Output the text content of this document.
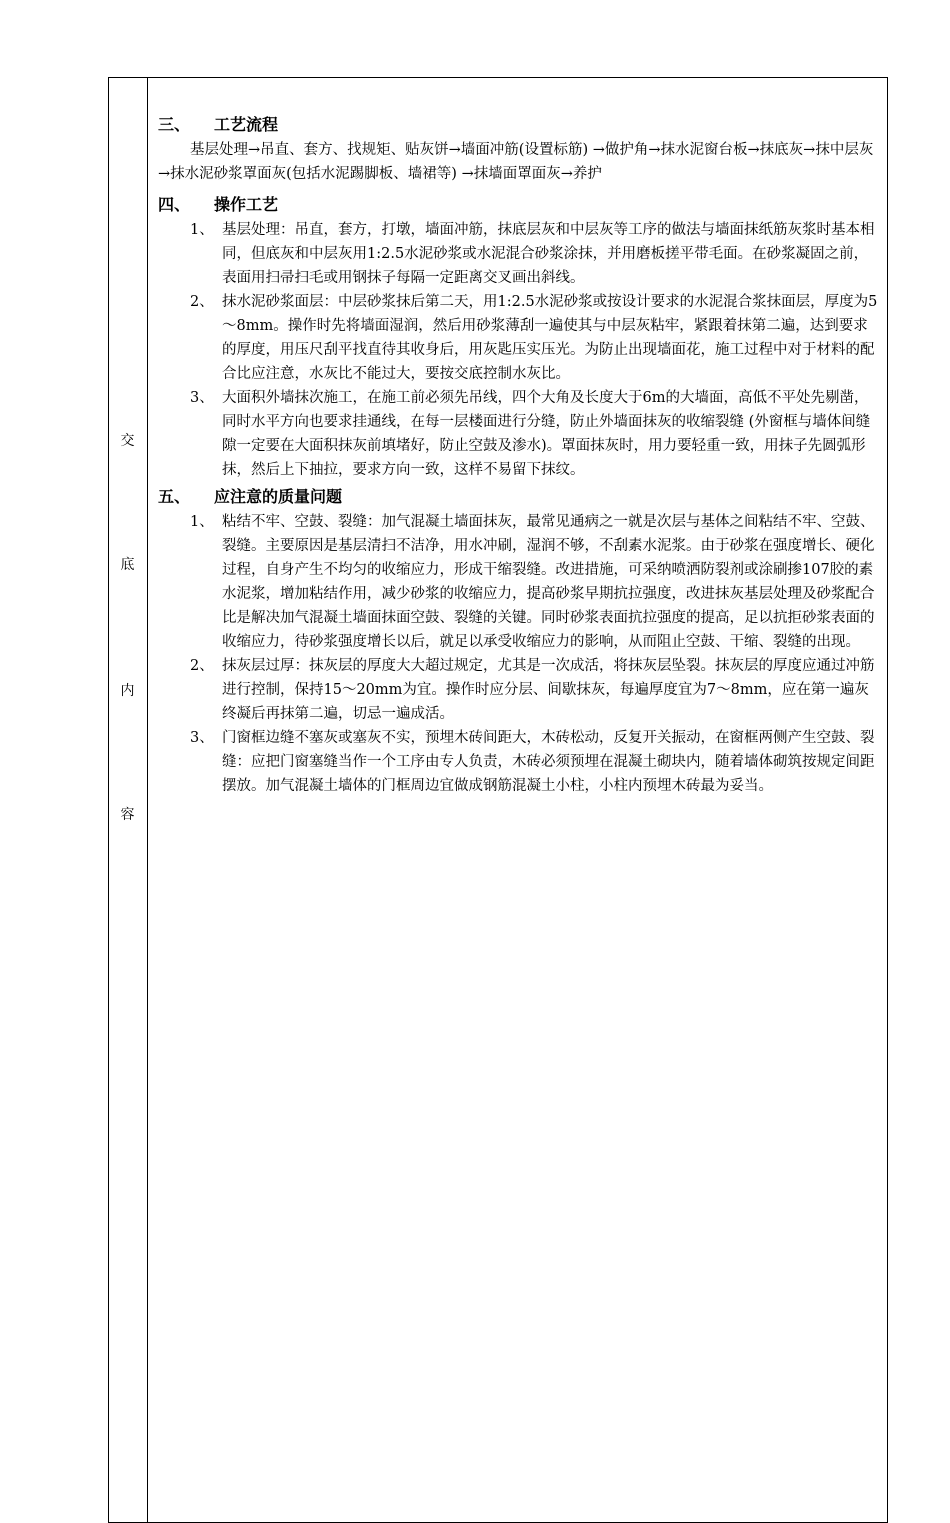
交
底
内
容
三、 工艺流程
基层处理→吊直、套方、找规矩、贴灰饼→墙面冲筋(设置标筋) →做护角→抹水泥窗台板→抹底灰→抹中层灰→抹水泥砂浆罩面灰(包括水泥踢脚板、墙裙等) →抹墙面罩面灰→养护
四、 操作工艺
1、 基层处理：吊直，套方，打墩，墙面冲筋，抹底层灰和中层灰等工序的做法与墙面抹纸筋灰浆时基本相同，但底灰和中层灰用1:2.5水泥砂浆或水泥混合砂浆涂抹，并用磨板搓平带毛面。在砂浆凝固之前，表面用扫帚扫毛或用钢抹子每隔一定距离交叉画出斜线。
2、 抹水泥砂浆面层：中层砂浆抹后第二天，用1:2.5水泥砂浆或按设计要求的水泥混合浆抹面层，厚度为5～8mm。操作时先将墙面湿润，然后用砂浆薄刮一遍使其与中层灰粘牢，紧跟着抹第二遍，达到要求的厚度，用压尺刮平找直待其收身后，用灰匙压实压光。为防止出现墙面花，施工过程中对于材料的配合比应注意，水灰比不能过大，要按交底控制水灰比。
3、 大面积外墙抹次施工，在施工前必须先吊线，四个大角及长度大于6m的大墙面，高低不平处先剔凿，同时水平方向也要求挂通线，在每一层楼面进行分缝，防止外墙面抹灰的收缩裂缝 (外窗框与墙体间缝隙一定要在大面积抹灰前填堵好，防止空鼓及渗水)。罩面抹灰时，用力要轻重一致，用抹子先圆弧形抹，然后上下抽拉，要求方向一致，这样不易留下抹纹。
五、 应注意的质量问题
1、 粘结不牢、空鼓、裂缝：加气混凝土墙面抹灰，最常见通病之一就是次层与基体之间粘结不牢、空鼓、裂缝。主要原因是基层清扫不洁净，用水冲刷，湿润不够，不刮素水泥浆。由于砂浆在强度增长、硬化过程，自身产生不均匀的收缩应力，形成干缩裂缝。改进措施，可采纳喷洒防裂剂或涂刷掺107胶的素水泥浆，增加粘结作用，减少砂浆的收缩应力，提高砂浆早期抗拉强度，改进抹灰基层处理及砂浆配合比是解决加气混凝土墙面抹面空鼓、裂缝的关键。同时砂浆表面抗拉强度的提高，足以抗拒砂浆表面的收缩应力，待砂浆强度增长以后，就足以承受收缩应力的影响，从而阻止空鼓、干缩、裂缝的出现。
2、 抹灰层过厚：抹灰层的厚度大大超过规定，尤其是一次成活，将抹灰层坠裂。抹灰层的厚度应通过冲筋进行控制，保持15～20mm为宜。操作时应分层、间歇抹灰，每遍厚度宜为7～8mm，应在第一遍灰终凝后再抹第二遍，切忌一遍成活。
3、 门窗框边缝不塞灰或塞灰不实，预埋木砖间距大，木砖松动，反复开关振动，在窗框两侧产生空鼓、裂缝：应把门窗塞缝当作一个工序由专人负责，木砖必须预埋在混凝土砌块内，随着墙体砌筑按规定间距摆放。加气混凝土墙体的门框周边宜做成钢筋混凝土小柱，小柱内预埋木砖最为妥当。
